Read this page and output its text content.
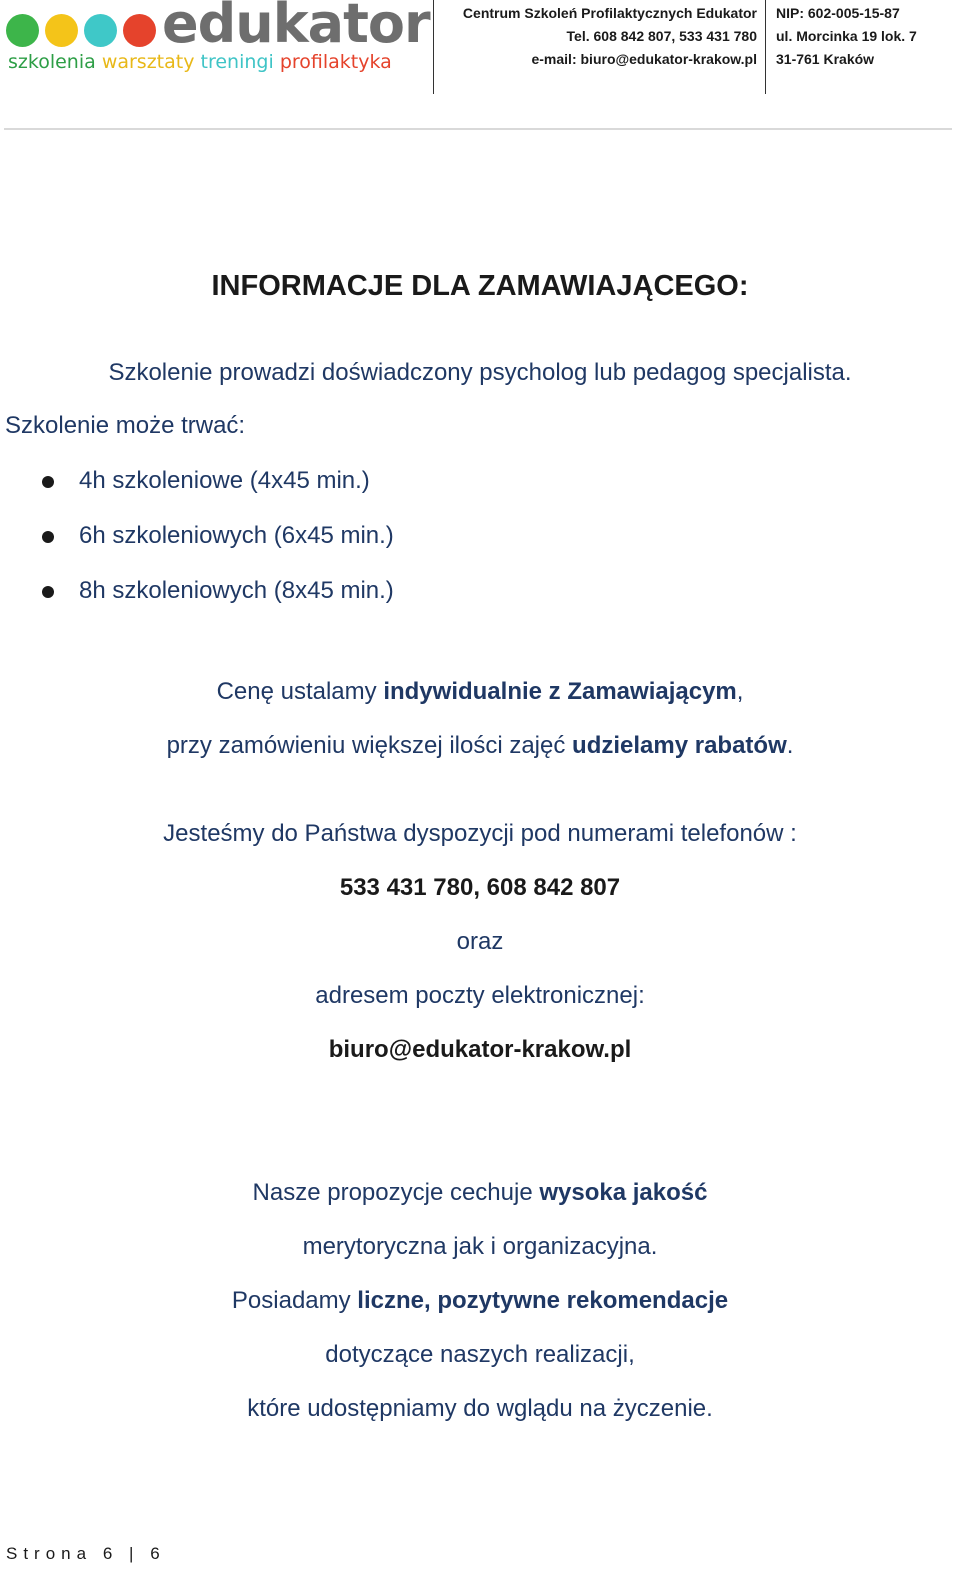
edukator
szkolenia warsztaty treningi profilaktyka
Centrum Szkoleń Profilaktycznych Edukator
Tel. 608 842 807, 533 431 780
e-mail: biuro@edukator-krakow.pl
NIP: 602-005-15-87
ul. Morcinka 19 lok. 7
31-761 Kraków
INFORMACJE DLA ZAMAWIAJĄCEGO:
Szkolenie prowadzi doświadczony psycholog lub pedagog specjalista.
Szkolenie może trwać:
4h szkoleniowe (4x45 min.)
6h szkoleniowych (6x45 min.)
8h szkoleniowych (8x45 min.)
Cenę ustalamy indywidualnie z Zamawiającym,
przy zamówieniu większej ilości zajęć udzielamy rabatów.
Jesteśmy do Państwa dyspozycji pod numerami telefonów :
533 431 780, 608 842 807
oraz
adresem poczty elektronicznej:
biuro@edukator-krakow.pl
Nasze propozycje cechuje wysoka jakość
merytoryczna jak i organizacyjna.
Posiadamy liczne, pozytywne rekomendacje
dotyczące naszych realizacji,
które udostępniamy do wglądu na życzenie.
Strona 6 | 6
